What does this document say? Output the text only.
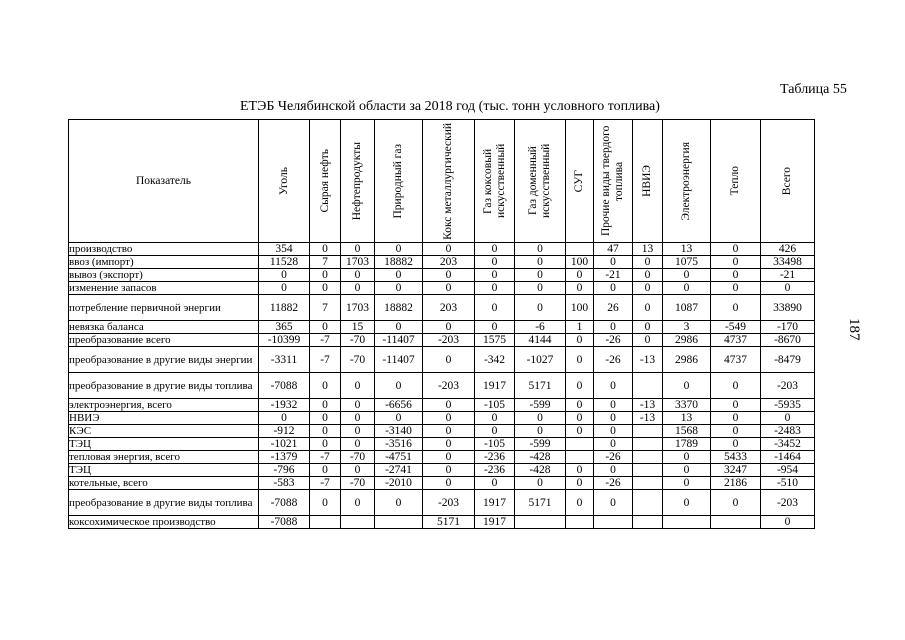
Таблица 55
ЕТЭБ Челябинской области за 2018 год (тыс. тонн условного топлива)
187
Показатель	Уголь	Сырая нефть	Нефтепродукты	Природный газ	Кокс металлургический	Газ коксовый искусственный	Газ доменный искусственный	СУГ	Прочие виды твердого топлива	НВИЭ	Электроэнергия	Тепло	Всего

производство	354	0	0	0	0	0	0		47	13	13	0	426
ввоз (импорт)	11528	7	1703	18882	203	0	0	100	0	0	1075	0	33498
вывоз (экспорт)	0	0	0	0	0	0	0	0	-21	0	0	0	-21
изменение запасов	0	0	0	0	0	0	0	0	0	0	0	0	0
потребление первичной энергии	11882	7	1703	18882	203	0	0	100	26	0	1087	0	33890
невязка баланса	365	0	15	0	0	0	-6	1	0	0	3	-549	-170
преобразование всего	-10399	-7	-70	-11407	-203	1575	4144	0	-26	0	2986	4737	-8670
преобразование в другие виды энергии	-3311	-7	-70	-11407	0	-342	-1027	0	-26	-13	2986	4737	-8479
преобразование в другие виды топлива	-7088	0	0	0	-203	1917	5171	0	0		0	0	-203
электроэнергия, всего	-1932	0	0	-6656	0	-105	-599	0	0	-13	3370	0	-5935
НВИЭ	0	0	0	0	0	0	0	0	0	-13	13	0	0
КЭС	-912	0	0	-3140	0	0	0	0	0		1568	0	-2483
ТЭЦ	-1021	0	0	-3516	0	-105	-599		0		1789	0	-3452
тепловая энергия, всего	-1379	-7	-70	-4751	0	-236	-428		-26		0	5433	-1464
ТЭЦ	-796	0	0	-2741	0	-236	-428	0	0		0	3247	-954
котельные, всего	-583	-7	-70	-2010	0	0	0	0	-26		0	2186	-510
преобразование в другие виды топлива	-7088	0	0	0	-203	1917	5171	0	0		0	0	-203
коксохимическое производство	-7088				5171	1917							0
